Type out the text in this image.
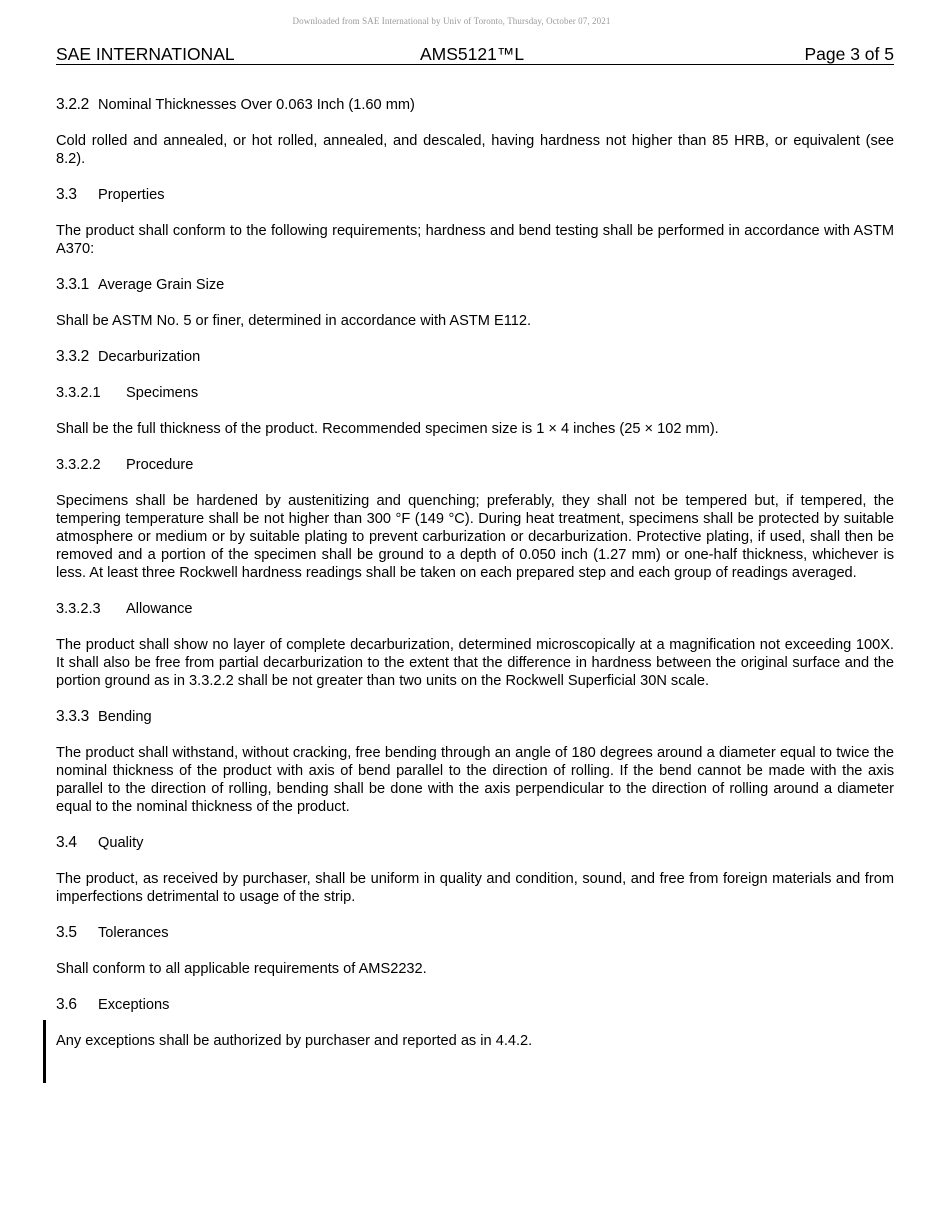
Downloaded from SAE International by Univ of Toronto, Thursday, October 07, 2021
SAE INTERNATIONAL	AMS5121™L	Page 3 of 5
3.2.2 Nominal Thicknesses Over 0.063 Inch (1.60 mm)

Cold rolled and annealed, or hot rolled, annealed, and descaled, having hardness not higher than 85 HRB, or equivalent (see 8.2).

3.3	Properties

The product shall conform to the following requirements; hardness and bend testing shall be performed in accordance with ASTM A370:

3.3.1 Average Grain Size

Shall be ASTM No. 5 or finer, determined in accordance with ASTM E112.

3.3.2 Decarburization
3.3.2.1	Specimens

Shall be the full thickness of the product. Recommended specimen size is 1 × 4 inches (25 × 102 mm).

3.3.2.2	Procedure

Specimens shall be hardened by austenitizing and quenching; preferably, they shall not be tempered but, if tempered, the tempering temperature shall be not higher than 300 °F (149 °C). During heat treatment, specimens shall be protected by suitable atmosphere or medium or by suitable plating to prevent carburization or decarburization. Protective plating, if used, shall then be removed and a portion of the specimen shall be ground to a depth of 0.050 inch (1.27 mm) or one-half thickness, whichever is less. At least three Rockwell hardness readings shall be taken on each prepared step and each group of readings averaged.

3.3.2.3	Allowance

The product shall show no layer of complete decarburization, determined microscopically at a magnification not exceeding 100X. It shall also be free from partial decarburization to the extent that the difference in hardness between the original surface and the portion ground as in 3.3.2.2 shall be not greater than two units on the Rockwell Superficial 30N scale.

3.3.3 Bending

The product shall withstand, without cracking, free bending through an angle of 180 degrees around a diameter equal to twice the nominal thickness of the product with axis of bend parallel to the direction of rolling. If the bend cannot be made with the axis parallel to the direction of rolling, bending shall be done with the axis perpendicular to the direction of rolling around a diameter equal to the nominal thickness of the product.

3.4	Quality

The product, as received by purchaser, shall be uniform in quality and condition, sound, and free from foreign materials and from imperfections detrimental to usage of the strip.

3.5	Tolerances

Shall conform to all applicable requirements of AMS2232.

3.6	Exceptions

Any exceptions shall be authorized by purchaser and reported as in 4.4.2.
